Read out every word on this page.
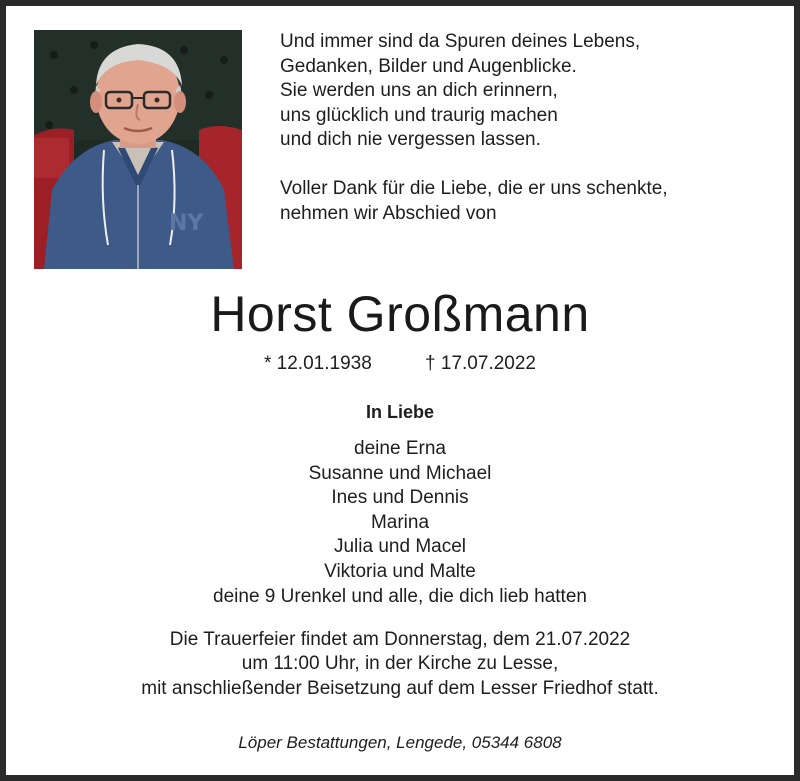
NY
Und immer sind da Spuren deines Lebens,
Gedanken, Bilder und Augenblicke.
Sie werden uns an dich erinnern,
uns glücklich und traurig machen
und dich nie vergessen lassen.
Voller Dank für die Liebe, die er uns schenkte,
nehmen wir Abschied von
Horst Großmann
* 12.01.1938	† 17.07.2022
In Liebe
deine Erna
Susanne und Michael
Ines und Dennis
Marina
Julia und Macel
Viktoria und Malte
deine 9 Urenkel und alle, die dich lieb hatten
Die Trauerfeier findet am Donnerstag, dem 21.07.2022
um 11:00 Uhr, in der Kirche zu Lesse,
mit anschließender Beisetzung auf dem Lesser Friedhof statt.
Löper Bestattungen, Lengede, 05344 6808
